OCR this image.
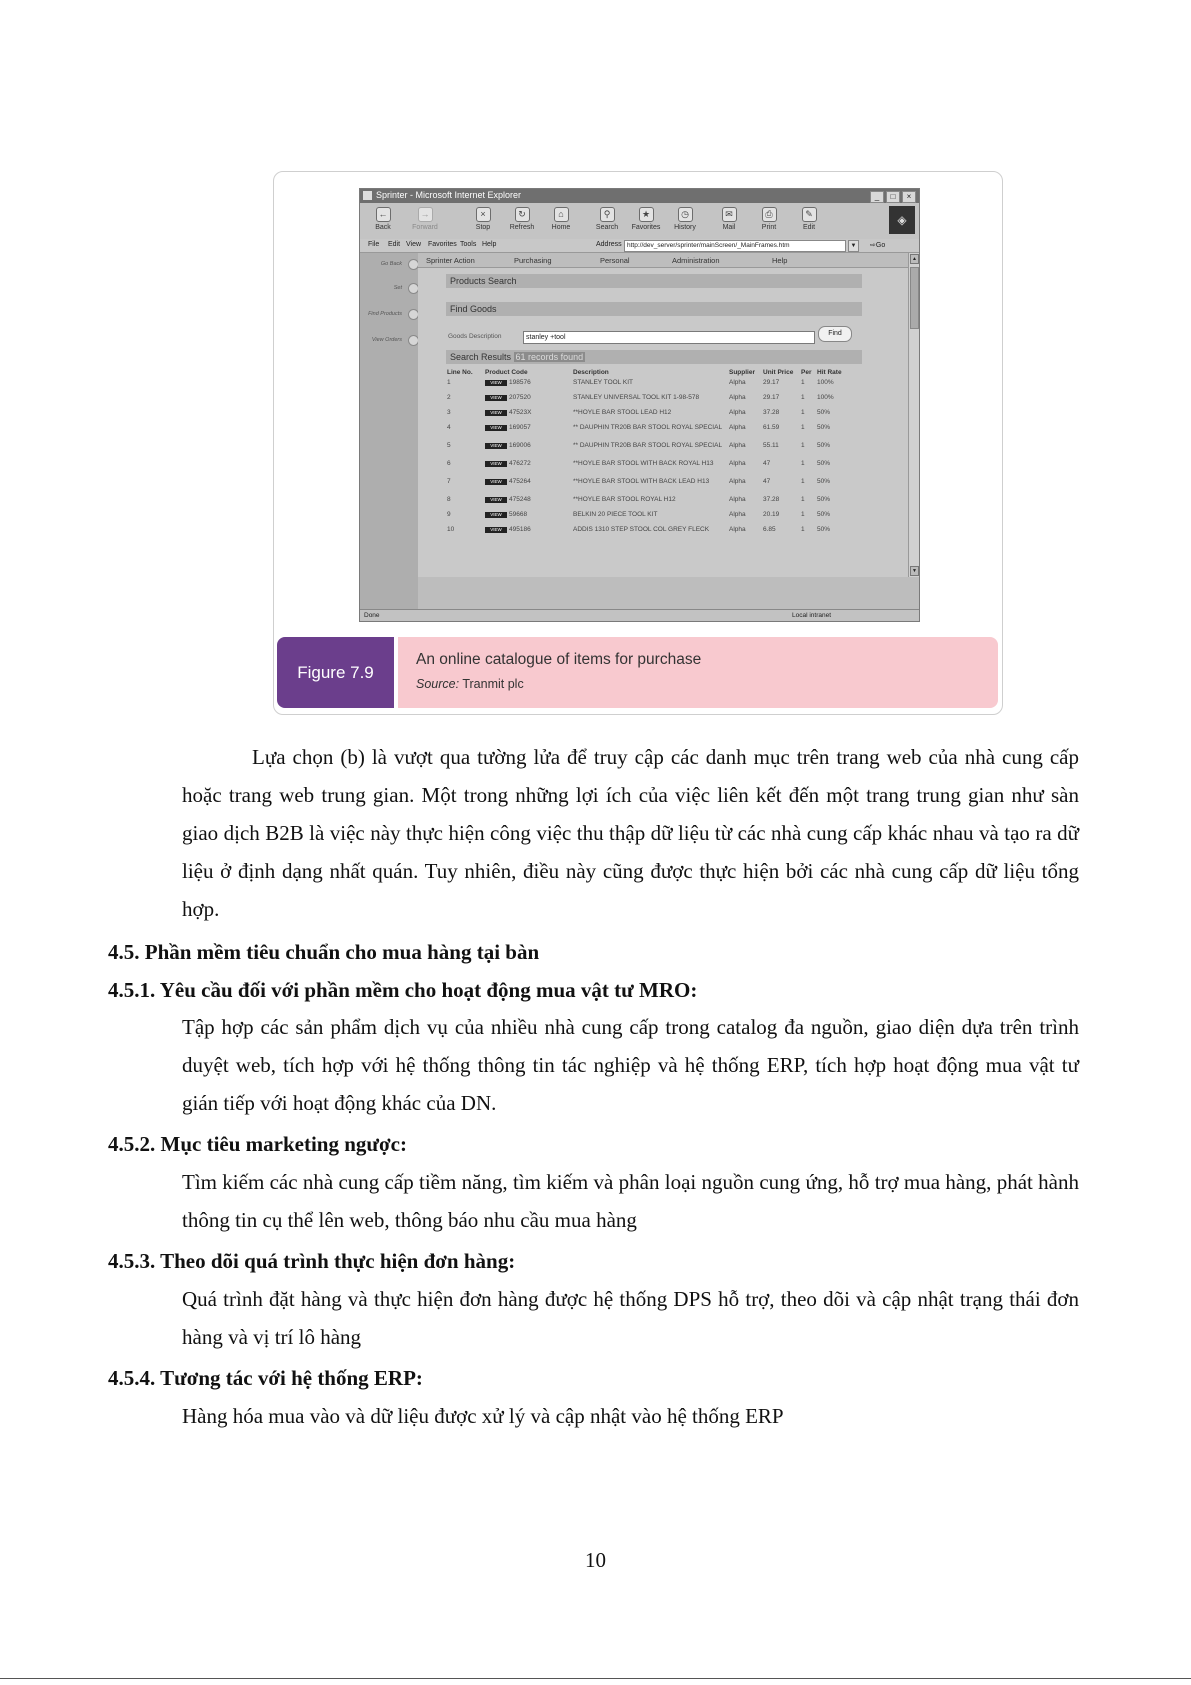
Sprinter - Microsoft Internet Explorer	_	□	×
←
Back
→
Forward
×
Stop
↻
Refresh
⌂
Home
⚲
Search
★
Favorites
◷
History
✉
Mail
⎙
Print
✎
Edit
◈
File Edit View Favorites Tools Help	Address http://dev_server/sprinter/mainScreen/_MainFrames.htm	▼	⇨Go
Go Back
Set
Find Products
View Orders
Sprinter Action	Purchasing	Personal	Administration	Help
Products Search
Find Goods
Goods Description	stanley +tool
Find
Search Results 61 records found
Line No.	Product Code	Description	Supplier	Unit Price	Per	Hit Rate
1	VIEW 198576	STANLEY TOOL KIT	Alpha	29.17	1	100%
2	VIEW 207520	STANLEY UNIVERSAL TOOL KIT 1-98-578	Alpha	29.17	1	100%
3	VIEW 47523X	**HOYLE BAR STOOL LEAD H12	Alpha	37.28	1	50%
4	VIEW 169057	** DAUPHIN TR20B BAR STOOL ROYAL SPECIAL	Alpha	61.59	1	50%
5	VIEW 169006	** DAUPHIN TR20B BAR STOOL ROYAL SPECIAL	Alpha	55.11	1	50%
6	VIEW 476272	**HOYLE BAR STOOL WITH BACK ROYAL H13	Alpha	47	1	50%
7	VIEW 475264	**HOYLE BAR STOOL WITH BACK LEAD H13	Alpha	47	1	50%
8	VIEW 475248	**HOYLE BAR STOOL ROYAL H12	Alpha	37.28	1	50%
9	VIEW 59668	BELKIN 20 PIECE TOOL KIT	Alpha	20.19	1	50%
10	VIEW 495186	ADDIS 1310 STEP STOOL COL GREY FLECK	Alpha	6.85	1	50%
▲
▼
Done	Local intranet
Figure 7.9
An online catalogue of items for purchase
Source: Tranmit plc
Lựa chọn (b) là vượt qua tường lửa để truy cập các danh mục trên trang web của nhà cung cấp hoặc trang web trung gian. Một trong những lợi ích của việc liên kết đến một trang trung gian như sàn giao dịch B2B là việc này thực hiện công việc thu thập dữ liệu từ các nhà cung cấp khác nhau và tạo ra dữ liệu ở định dạng nhất quán. Tuy nhiên, điều này cũng được thực hiện bởi các nhà cung cấp dữ liệu tổng hợp.
4.5. Phần mềm tiêu chuẩn cho mua hàng tại bàn
4.5.1. Yêu cầu đối với phần mềm cho hoạt động mua vật tư MRO:
Tập hợp các sản phẩm dịch vụ của nhiều nhà cung cấp trong catalog đa nguồn, giao diện dựa trên trình duyệt web, tích hợp với hệ thống thông tin tác nghiệp và hệ thống ERP, tích hợp hoạt động mua vật tư gián tiếp với hoạt động khác của DN.
4.5.2. Mục tiêu marketing ngược:
Tìm kiếm các nhà cung cấp tiềm năng, tìm kiếm và phân loại nguồn cung ứng, hỗ trợ mua hàng, phát hành thông tin cụ thể lên web, thông báo nhu cầu mua hàng
4.5.3. Theo dõi quá trình thực hiện đơn hàng:
Quá trình đặt hàng và thực hiện đơn hàng được hệ thống DPS hỗ trợ, theo dõi và cập nhật trạng thái đơn hàng và vị trí lô hàng
4.5.4. Tương tác với hệ thống ERP:
Hàng hóa mua vào và dữ liệu được xử lý và cập nhật vào hệ thống ERP
10
